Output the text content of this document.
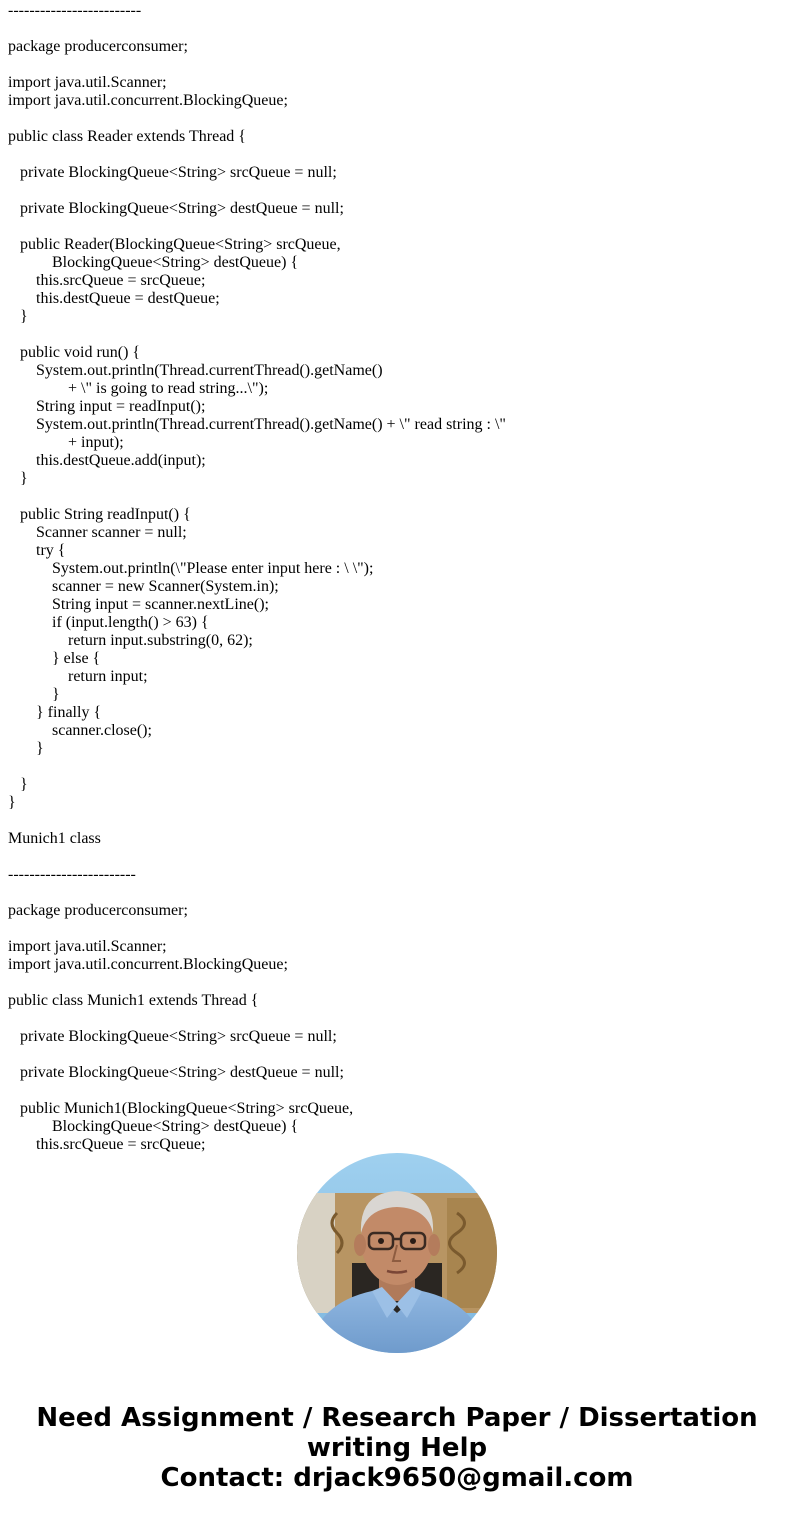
-------------------------
package producerconsumer;
import java.util.Scanner;
import java.util.concurrent.BlockingQueue;
public class Reader extends Thread {
private BlockingQueue<String> srcQueue = null;
private BlockingQueue<String> destQueue = null;
public Reader(BlockingQueue<String> srcQueue,
BlockingQueue<String> destQueue) {
this.srcQueue = srcQueue;
this.destQueue = destQueue;
}
public void run() {
System.out.println(Thread.currentThread().getName()
+ \" is going to read string...\");
String input = readInput();
System.out.println(Thread.currentThread().getName() + \" read string : \"
+ input);
this.destQueue.add(input);
}
public String readInput() {
Scanner scanner = null;
try {
System.out.println(\"Please enter input here : \ \");
scanner = new Scanner(System.in);
String input = scanner.nextLine();
if (input.length() > 63) {
return input.substring(0, 62);
} else {
return input;
}
} finally {
scanner.close();
}
}
}
Munich1 class
------------------------
package producerconsumer;
import java.util.Scanner;
import java.util.concurrent.BlockingQueue;
public class Munich1 extends Thread {
private BlockingQueue<String> srcQueue = null;
private BlockingQueue<String> destQueue = null;
public Munich1(BlockingQueue<String> srcQueue,
BlockingQueue<String> destQueue) {
this.srcQueue = srcQueue;
Need Assignment / Research Paper / Dissertation
writing Help
Contact: drjack9650@gmail.com
